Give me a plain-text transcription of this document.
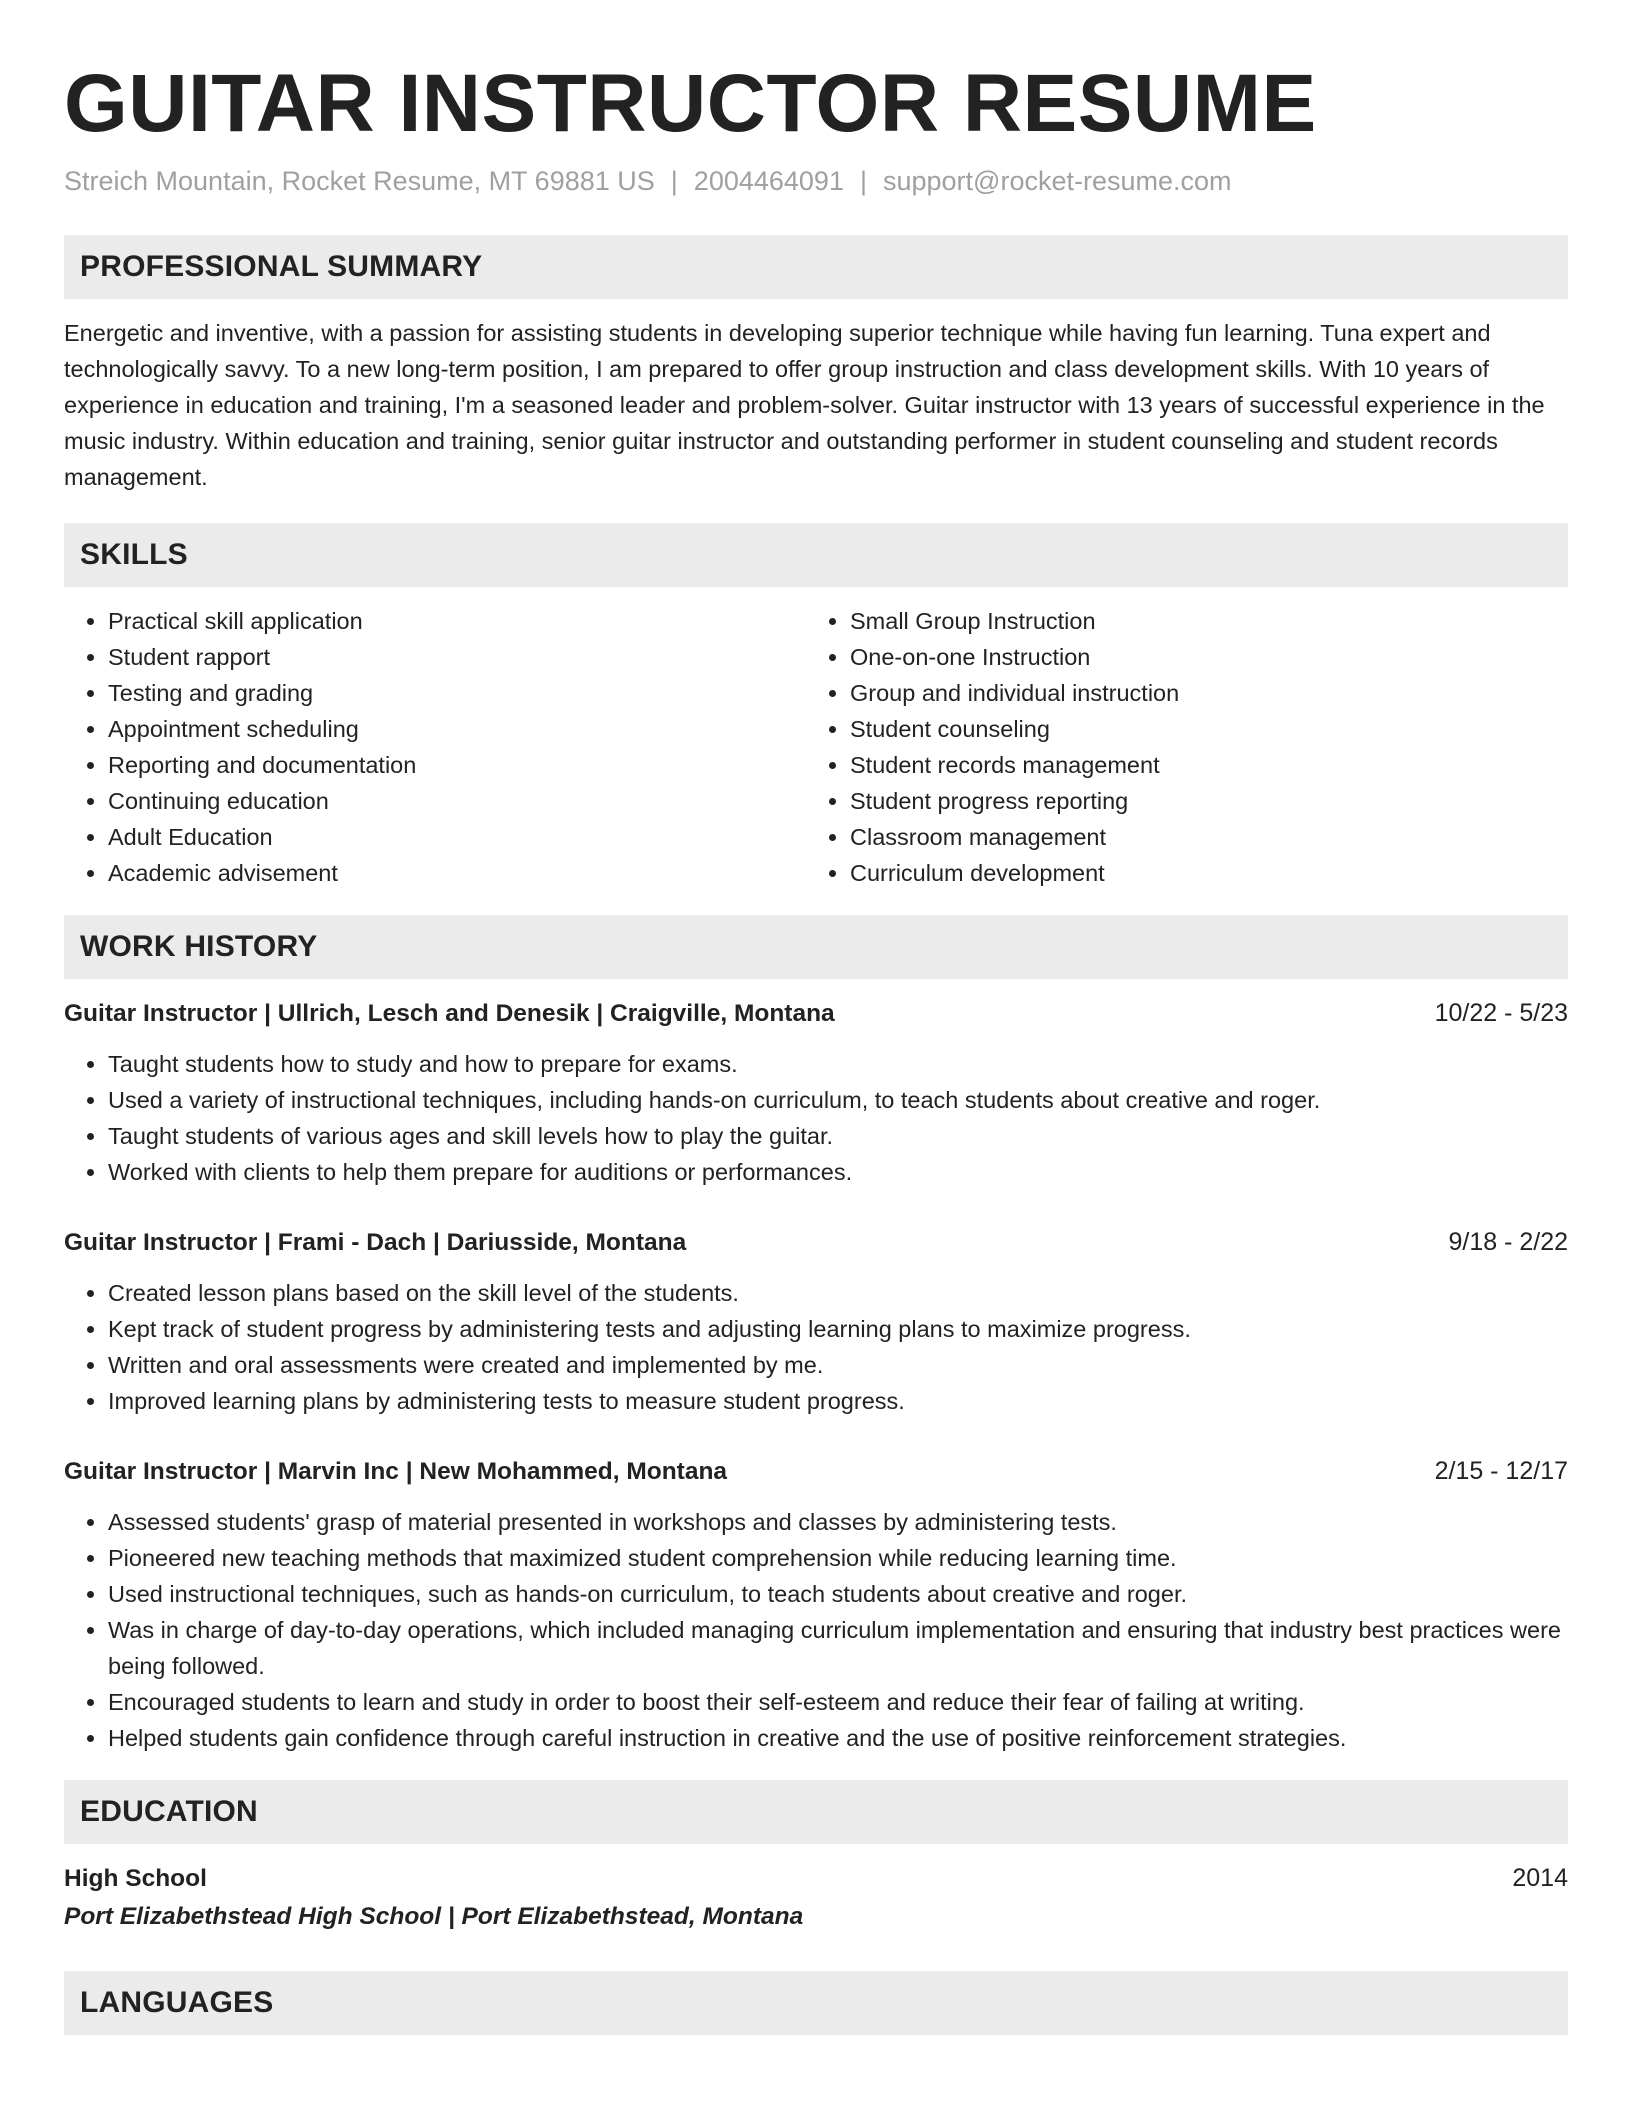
GUITAR INSTRUCTOR RESUME
Streich Mountain, Rocket Resume, MT 69881 US | 2004464091 | support@rocket-resume.com
PROFESSIONAL SUMMARY

Energetic and inventive, with a passion for assisting students in developing superior technique while having fun learning. Tuna expert and technologically savvy. To a new long-term position, I am prepared to offer group instruction and class development skills. With 10 years of experience in education and training, I'm a seasoned leader and problem-solver. Guitar instructor with 13 years of successful experience in the music industry. Within education and training, senior guitar instructor and outstanding performer in student counseling and student records management.

SKILLS
• Practical skill application
• Student rapport
• Testing and grading
• Appointment scheduling
• Reporting and documentation
• Continuing education
• Adult Education
• Academic advisement
• Small Group Instruction
• One-on-one Instruction
• Group and individual instruction
• Student counseling
• Student records management
• Student progress reporting
• Classroom management
• Curriculum development
WORK HISTORY
Guitar Instructor | Ullrich, Lesch and Denesik | Craigville, Montana	10/22 - 5/23
• Taught students how to study and how to prepare for exams.
• Used a variety of instructional techniques, including hands-on curriculum, to teach students about creative and roger.
• Taught students of various ages and skill levels how to play the guitar.
• Worked with clients to help them prepare for auditions or performances.
Guitar Instructor | Frami - Dach | Dariusside, Montana	9/18 - 2/22
• Created lesson plans based on the skill level of the students.
• Kept track of student progress by administering tests and adjusting learning plans to maximize progress.
• Written and oral assessments were created and implemented by me.
• Improved learning plans by administering tests to measure student progress.
Guitar Instructor | Marvin Inc | New Mohammed, Montana	2/15 - 12/17
• Assessed students' grasp of material presented in workshops and classes by administering tests.
• Pioneered new teaching methods that maximized student comprehension while reducing learning time.
• Used instructional techniques, such as hands-on curriculum, to teach students about creative and roger.
• Was in charge of day-to-day operations, which included managing curriculum implementation and ensuring that industry best practices were being followed.
• Encouraged students to learn and study in order to boost their self-esteem and reduce their fear of failing at writing.
• Helped students gain confidence through careful instruction in creative and the use of positive reinforcement strategies.
EDUCATION
High School	2014
Port Elizabethstead High School | Port Elizabethstead, Montana
LANGUAGES
